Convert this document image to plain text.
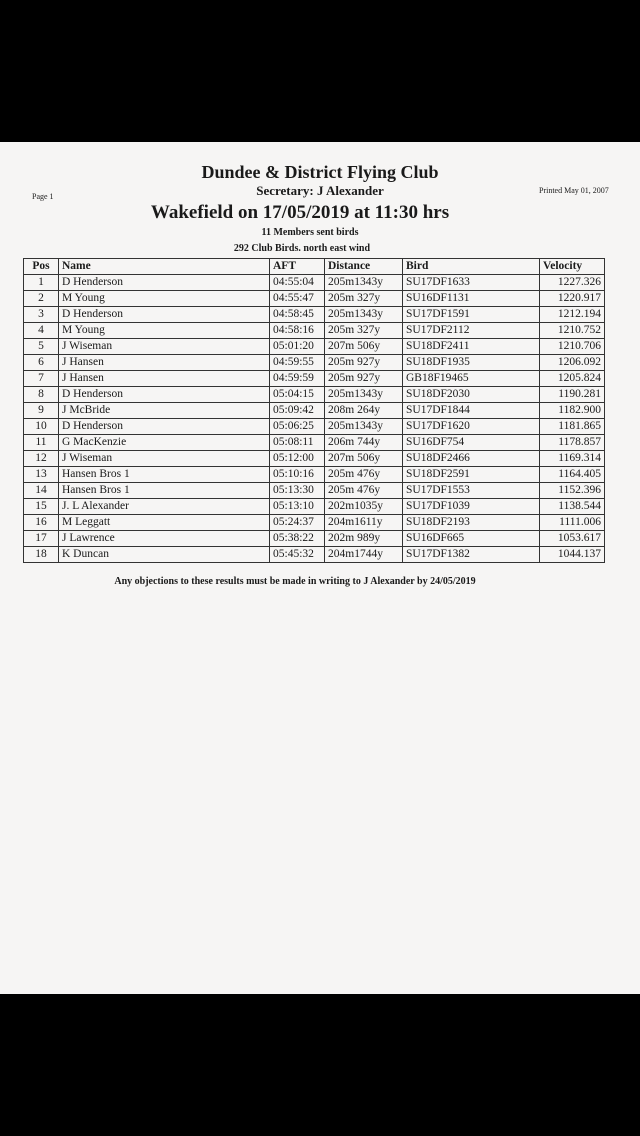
Dundee & District Flying Club
Secretary: J Alexander
Page 1
Printed May 01, 2007
Wakefield on 17/05/2019 at 11:30 hrs
11 Members sent birds
292 Club Birds. north east wind
Pos	Name	AFT	Distance	Bird	Velocity
1	D Henderson	04:55:04	205m1343y	SU17DF1633	1227.326
2	M Young	04:55:47	205m 327y	SU16DF1131	1220.917
3	D Henderson	04:58:45	205m1343y	SU17DF1591	1212.194
4	M Young	04:58:16	205m 327y	SU17DF2112	1210.752
5	J Wiseman	05:01:20	207m 506y	SU18DF2411	1210.706
6	J Hansen	04:59:55	205m 927y	SU18DF1935	1206.092
7	J Hansen	04:59:59	205m 927y	GB18F19465	1205.824
8	D Henderson	05:04:15	205m1343y	SU18DF2030	1190.281
9	J McBride	05:09:42	208m 264y	SU17DF1844	1182.900
10	D Henderson	05:06:25	205m1343y	SU17DF1620	1181.865
11	G MacKenzie	05:08:11	206m 744y	SU16DF754	1178.857
12	J Wiseman	05:12:00	207m 506y	SU18DF2466	1169.314
13	Hansen Bros 1	05:10:16	205m 476y	SU18DF2591	1164.405
14	Hansen Bros 1	05:13:30	205m 476y	SU17DF1553	1152.396
15	J. L Alexander	05:13:10	202m1035y	SU17DF1039	1138.544
16	M Leggatt	05:24:37	204m1611y	SU18DF2193	1111.006
17	J Lawrence	05:38:22	202m 989y	SU16DF665	1053.617
18	K Duncan	05:45:32	204m1744y	SU17DF1382	1044.137
Any objections to these results must be made in writing to J Alexander by 24/05/2019
